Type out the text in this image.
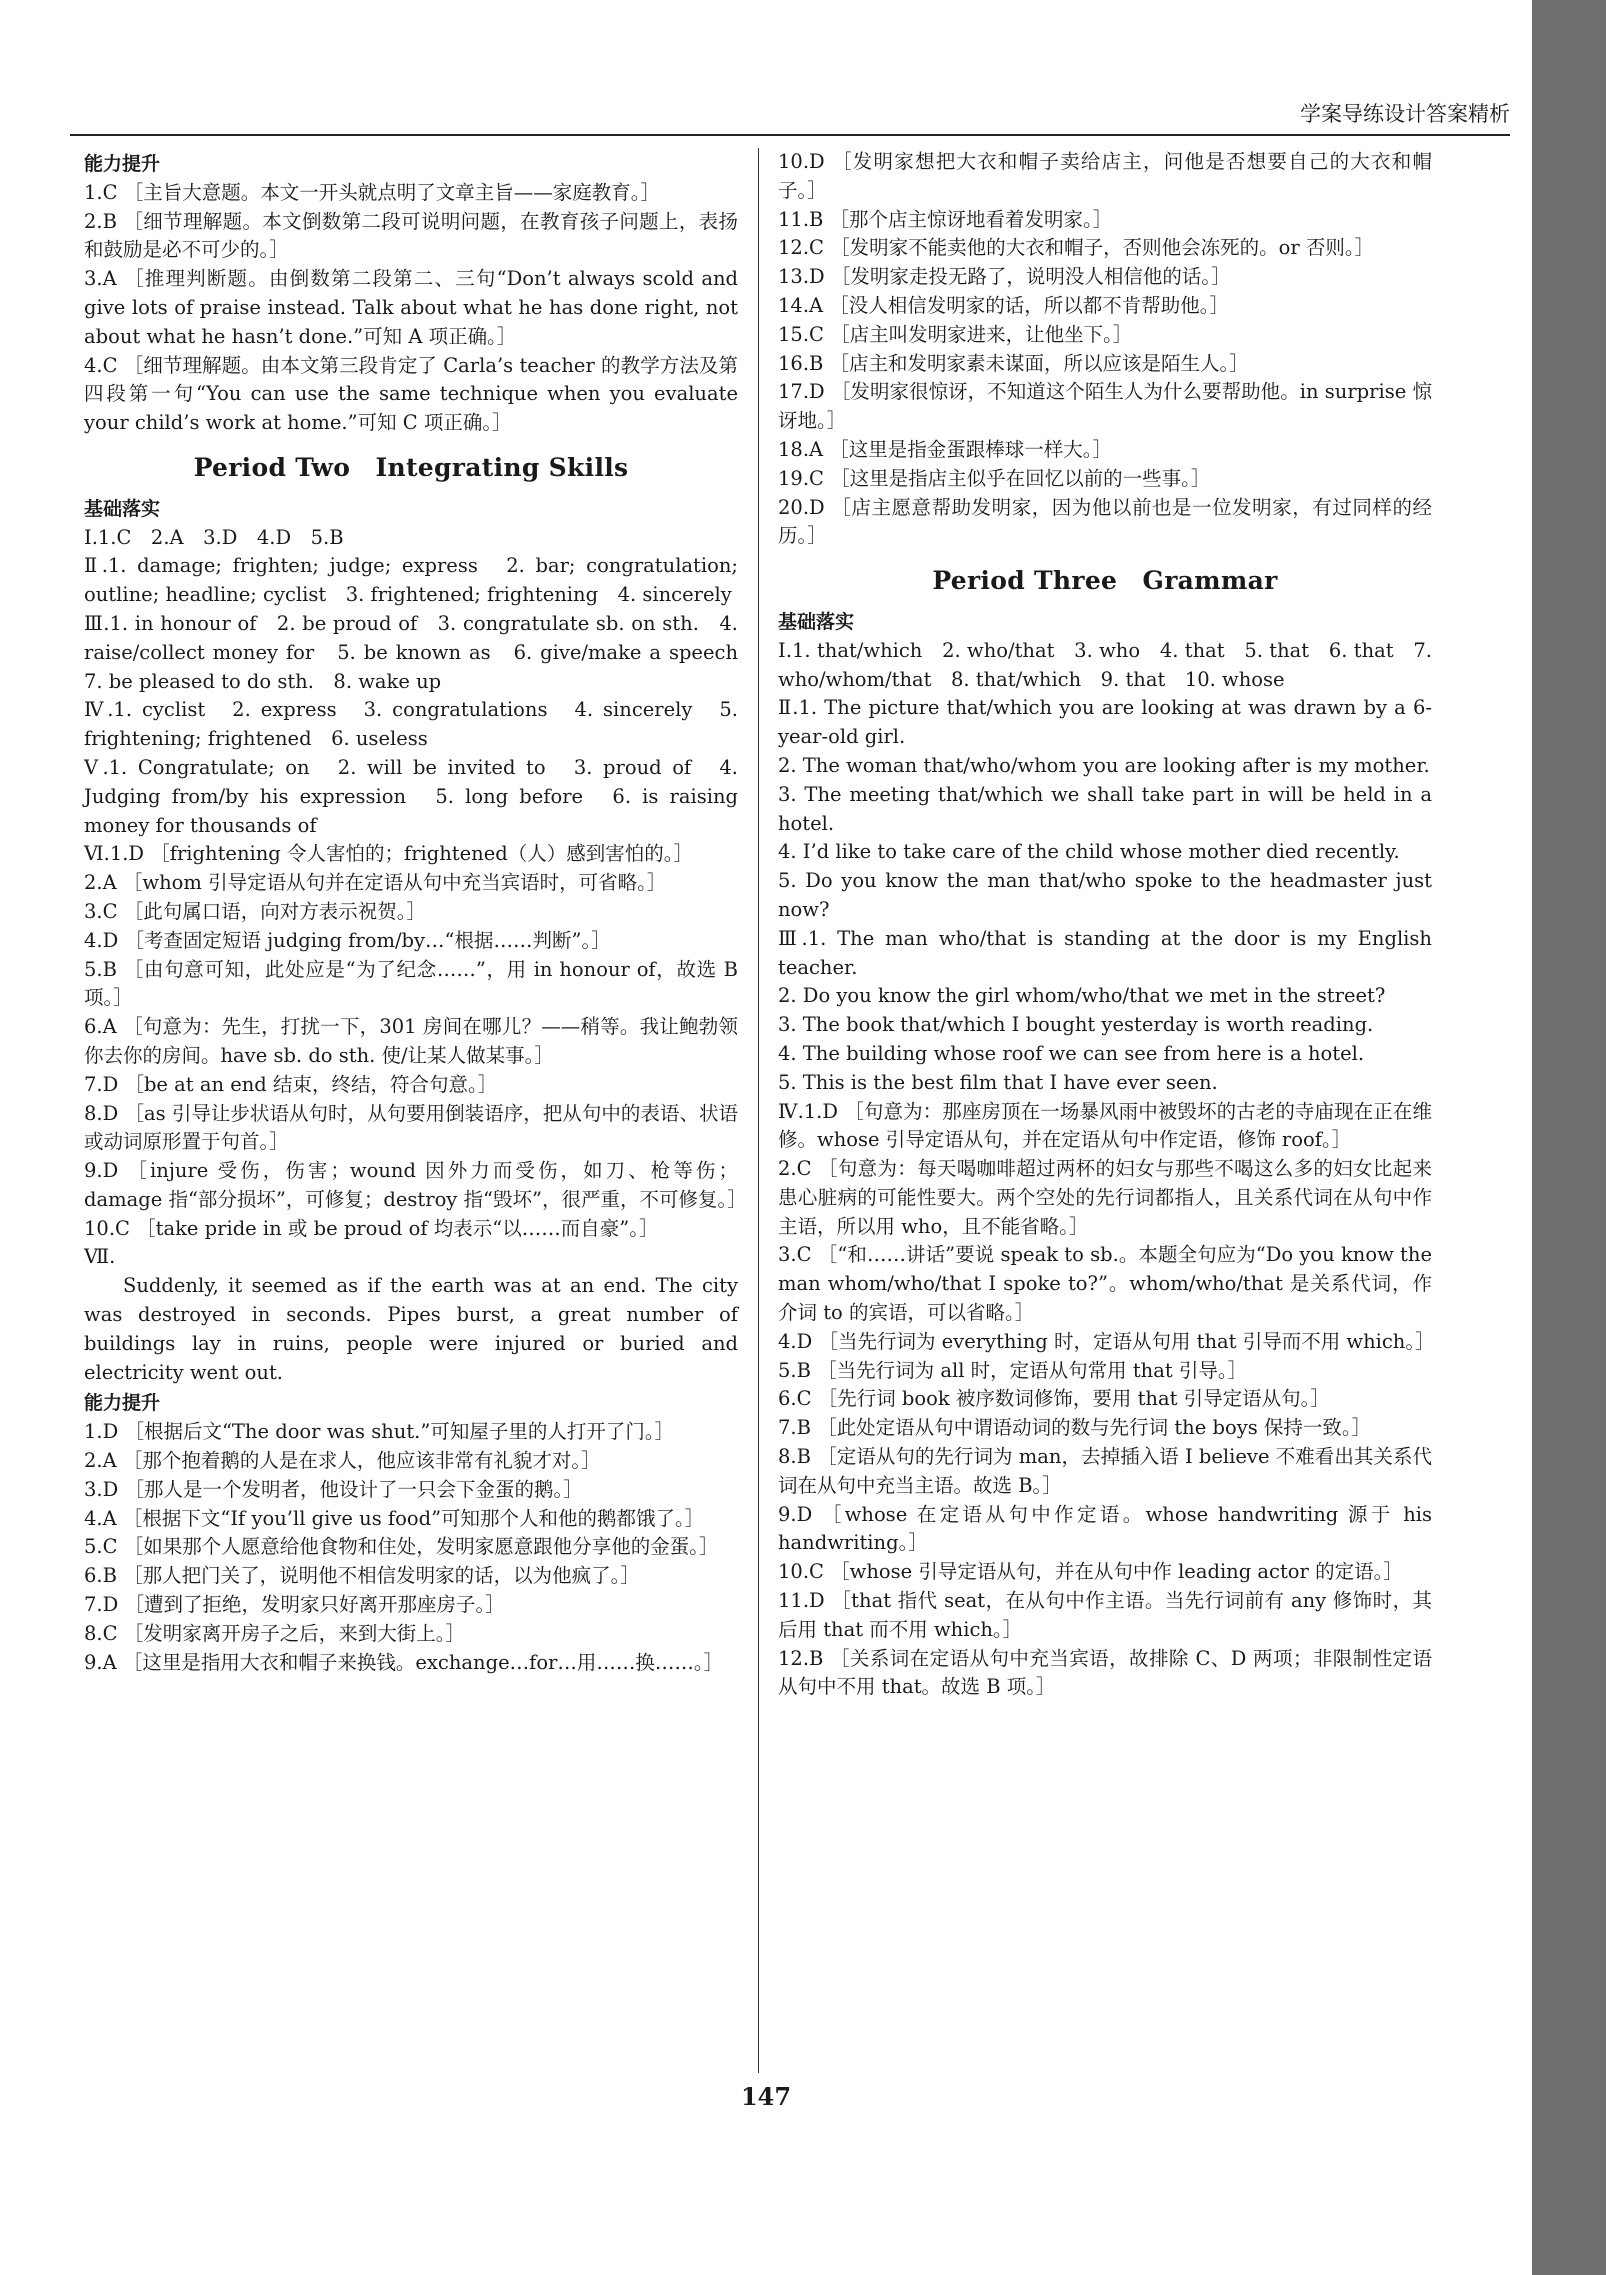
学案导练设计答案精析
能力提升
1.C ［主旨大意题。本文一开头就点明了文章主旨——家庭教育。］
2.B ［细节理解题。本文倒数第二段可说明问题，在教育孩子问题上，表扬和鼓励是必不可少的。］
3.A ［推理判断题。由倒数第二段第二、三句“Don’t always scold and give lots of praise instead. Talk about what he has done right, not about what he hasn’t done.”可知 A 项正确。］
4.C ［细节理解题。由本文第三段肯定了 Carla’s teacher 的教学方法及第四段第一句“You can use the same technique when you evaluate your child’s work at home.”可知 C 项正确。］
Period Two　Integrating Skills
基础落实
Ⅰ.1.C　2.A　3.D　4.D　5.B
Ⅱ.1. damage; frighten; judge; express　2. bar; congratulation; outline; headline; cyclist　3. frightened; frightening　4. sincerely
Ⅲ.1. in honour of　2. be proud of　3. congratulate sb. on sth.　4. raise/collect money for　5. be known as　6. give/make a speech　7. be pleased to do sth.　8. wake up
Ⅳ.1. cyclist　2. express　3. congratulations　4. sincerely　5. frightening; frightened　6. useless
Ⅴ.1. Congratulate; on　2. will be invited to　3. proud of　4. Judging from/by his expression　5. long before　6. is raising money for thousands of
Ⅵ.1.D ［frightening 令人害怕的；frightened（人）感到害怕的。］
2.A ［whom 引导定语从句并在定语从句中充当宾语时，可省略。］
3.C ［此句属口语，向对方表示祝贺。］
4.D ［考查固定短语 judging from/by…“根据……判断”。］
5.B ［由句意可知，此处应是“为了纪念……”，用 in honour of，故选 B 项。］
6.A ［句意为：先生，打扰一下，301 房间在哪儿？——稍等。我让鲍勃领你去你的房间。have sb. do sth. 使/让某人做某事。］
7.D ［be at an end 结束，终结，符合句意。］
8.D ［as 引导让步状语从句时，从句要用倒装语序，把从句中的表语、状语或动词原形置于句首。］
9.D ［injure 受伤，伤害；wound 因外力而受伤，如刀、枪等伤；damage 指“部分损坏”，可修复；destroy 指“毁坏”，很严重，不可修复。］
10.C ［take pride in 或 be proud of 均表示“以……而自豪”。］
Ⅶ.
Suddenly, it seemed as if the earth was at an end. The city was destroyed in seconds. Pipes burst, a great number of buildings lay in ruins, people were injured or buried and electricity went out.
能力提升
1.D ［根据后文“The door was shut.”可知屋子里的人打开了门。］
2.A ［那个抱着鹅的人是在求人，他应该非常有礼貌才对。］
3.D ［那人是一个发明者，他设计了一只会下金蛋的鹅。］
4.A ［根据下文“If you’ll give us food”可知那个人和他的鹅都饿了。］
5.C ［如果那个人愿意给他食物和住处，发明家愿意跟他分享他的金蛋。］
6.B ［那人把门关了，说明他不相信发明家的话，以为他疯了。］
7.D ［遭到了拒绝，发明家只好离开那座房子。］
8.C ［发明家离开房子之后，来到大街上。］
9.A ［这里是指用大衣和帽子来换钱。exchange…for…用……换……。］
10.D ［发明家想把大衣和帽子卖给店主，问他是否想要自己的大衣和帽子。］
11.B ［那个店主惊讶地看着发明家。］
12.C ［发明家不能卖他的大衣和帽子，否则他会冻死的。or 否则。］
13.D ［发明家走投无路了，说明没人相信他的话。］
14.A ［没人相信发明家的话，所以都不肯帮助他。］
15.C ［店主叫发明家进来，让他坐下。］
16.B ［店主和发明家素未谋面，所以应该是陌生人。］
17.D ［发明家很惊讶，不知道这个陌生人为什么要帮助他。in surprise 惊讶地。］
18.A ［这里是指金蛋跟棒球一样大。］
19.C ［这里是指店主似乎在回忆以前的一些事。］
20.D ［店主愿意帮助发明家，因为他以前也是一位发明家，有过同样的经历。］
Period Three　Grammar
基础落实
Ⅰ.1. that/which　2. who/that　3. who　4. that　5. that　6. that　7. who/whom/that　8. that/which　9. that　10. whose
Ⅱ.1. The picture that/which you are looking at was drawn by a 6-year-old girl.
2. The woman that/who/whom you are looking after is my mother.
3. The meeting that/which we shall take part in will be held in a hotel.
4. I’d like to take care of the child whose mother died recently.
5. Do you know the man that/who spoke to the headmaster just now?
Ⅲ.1. The man who/that is standing at the door is my English teacher.
2. Do you know the girl whom/who/that we met in the street?
3. The book that/which I bought yesterday is worth reading.
4. The building whose roof we can see from here is a hotel.
5. This is the best film that I have ever seen.
Ⅳ.1.D ［句意为：那座房顶在一场暴风雨中被毁坏的古老的寺庙现在正在维修。whose 引导定语从句，并在定语从句中作定语，修饰 roof。］
2.C ［句意为：每天喝咖啡超过两杯的妇女与那些不喝这么多的妇女比起来患心脏病的可能性要大。两个空处的先行词都指人，且关系代词在从句中作主语，所以用 who，且不能省略。］
3.C ［“和……讲话”要说 speak to sb.。本题全句应为“Do you know the man whom/who/that I spoke to?”。whom/who/that 是关系代词，作介词 to 的宾语，可以省略。］
4.D ［当先行词为 everything 时，定语从句用 that 引导而不用 which。］
5.B ［当先行词为 all 时，定语从句常用 that 引导。］
6.C ［先行词 book 被序数词修饰，要用 that 引导定语从句。］
7.B ［此处定语从句中谓语动词的数与先行词 the boys 保持一致。］
8.B ［定语从句的先行词为 man，去掉插入语 I believe 不难看出其关系代词在从句中充当主语。故选 B。］
9.D ［whose 在定语从句中作定语。whose handwriting 源于 his handwriting。］
10.C ［whose 引导定语从句，并在从句中作 leading actor 的定语。］
11.D ［that 指代 seat，在从句中作主语。当先行词前有 any 修饰时，其后用 that 而不用 which。］
12.B ［关系词在定语从句中充当宾语，故排除 C、D 两项；非限制性定语从句中不用 that。故选 B 项。］
147
